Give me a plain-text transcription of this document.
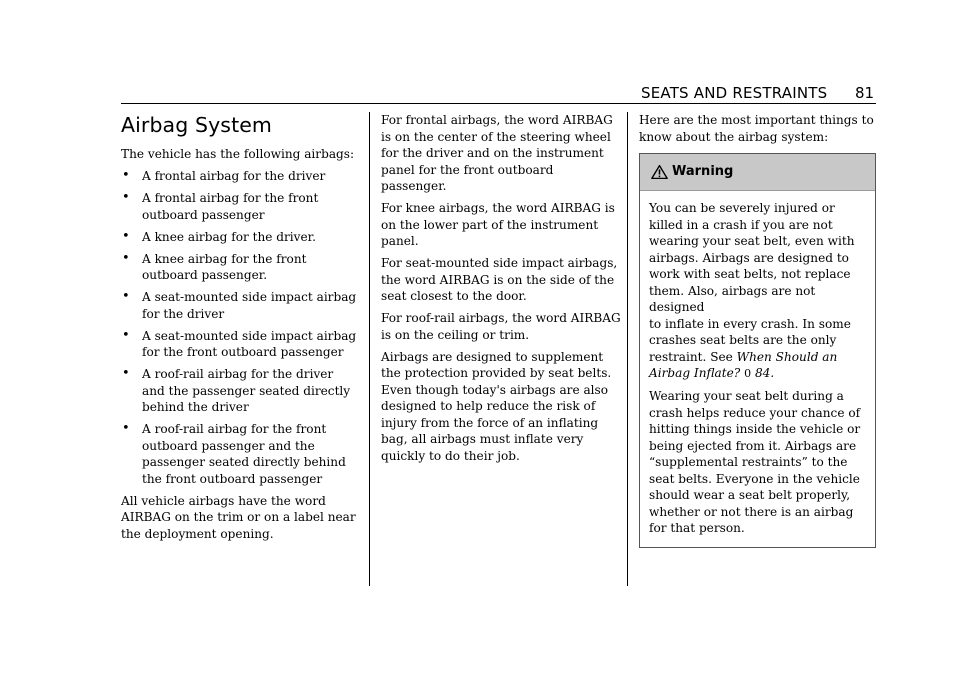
SEATS AND RESTRAINTS 81
Airbag System

The vehicle has the following airbags:

• A frontal airbag for the driver
• A frontal airbag for the front
outboard passenger
• A knee airbag for the driver.
• A knee airbag for the front
outboard passenger.
• A seat-mounted side impact airbag
for the driver
• A seat-mounted side impact airbag
for the front outboard passenger
• A roof-rail airbag for the driver
and the passenger seated directly
behind the driver
• A roof-rail airbag for the front
outboard passenger and the
passenger seated directly behind
the front outboard passenger

All vehicle airbags have the word
AIRBAG on the trim or on a label near
the deployment opening.

For frontal airbags, the word AIRBAG
is on the center of the steering wheel
for the driver and on the instrument
panel for the front outboard
passenger.

For knee airbags, the word AIRBAG is
on the lower part of the instrument
panel.

For seat-mounted side impact airbags,
the word AIRBAG is on the side of the
seat closest to the door.

For roof-rail airbags, the word AIRBAG
is on the ceiling or trim.

Airbags are designed to supplement
the protection provided by seat belts.
Even though today's airbags are also
designed to help reduce the risk of
injury from the force of an inflating
bag, all airbags must inflate very
quickly to do their job.

Here are the most important things to
know about the airbag system:

Warning

You can be severely injured or
killed in a crash if you are not
wearing your seat belt, even with
airbags. Airbags are designed to
work with seat belts, not replace
them. Also, airbags are not designed
to inflate in every crash. In some
crashes seat belts are the only
restraint. See When Should an
Airbag Inflate? 0 84.

Wearing your seat belt during a
crash helps reduce your chance of
hitting things inside the vehicle or
being ejected from it. Airbags are
“supplemental restraints” to the
seat belts. Everyone in the vehicle
should wear a seat belt properly,
whether or not there is an airbag
for that person.
